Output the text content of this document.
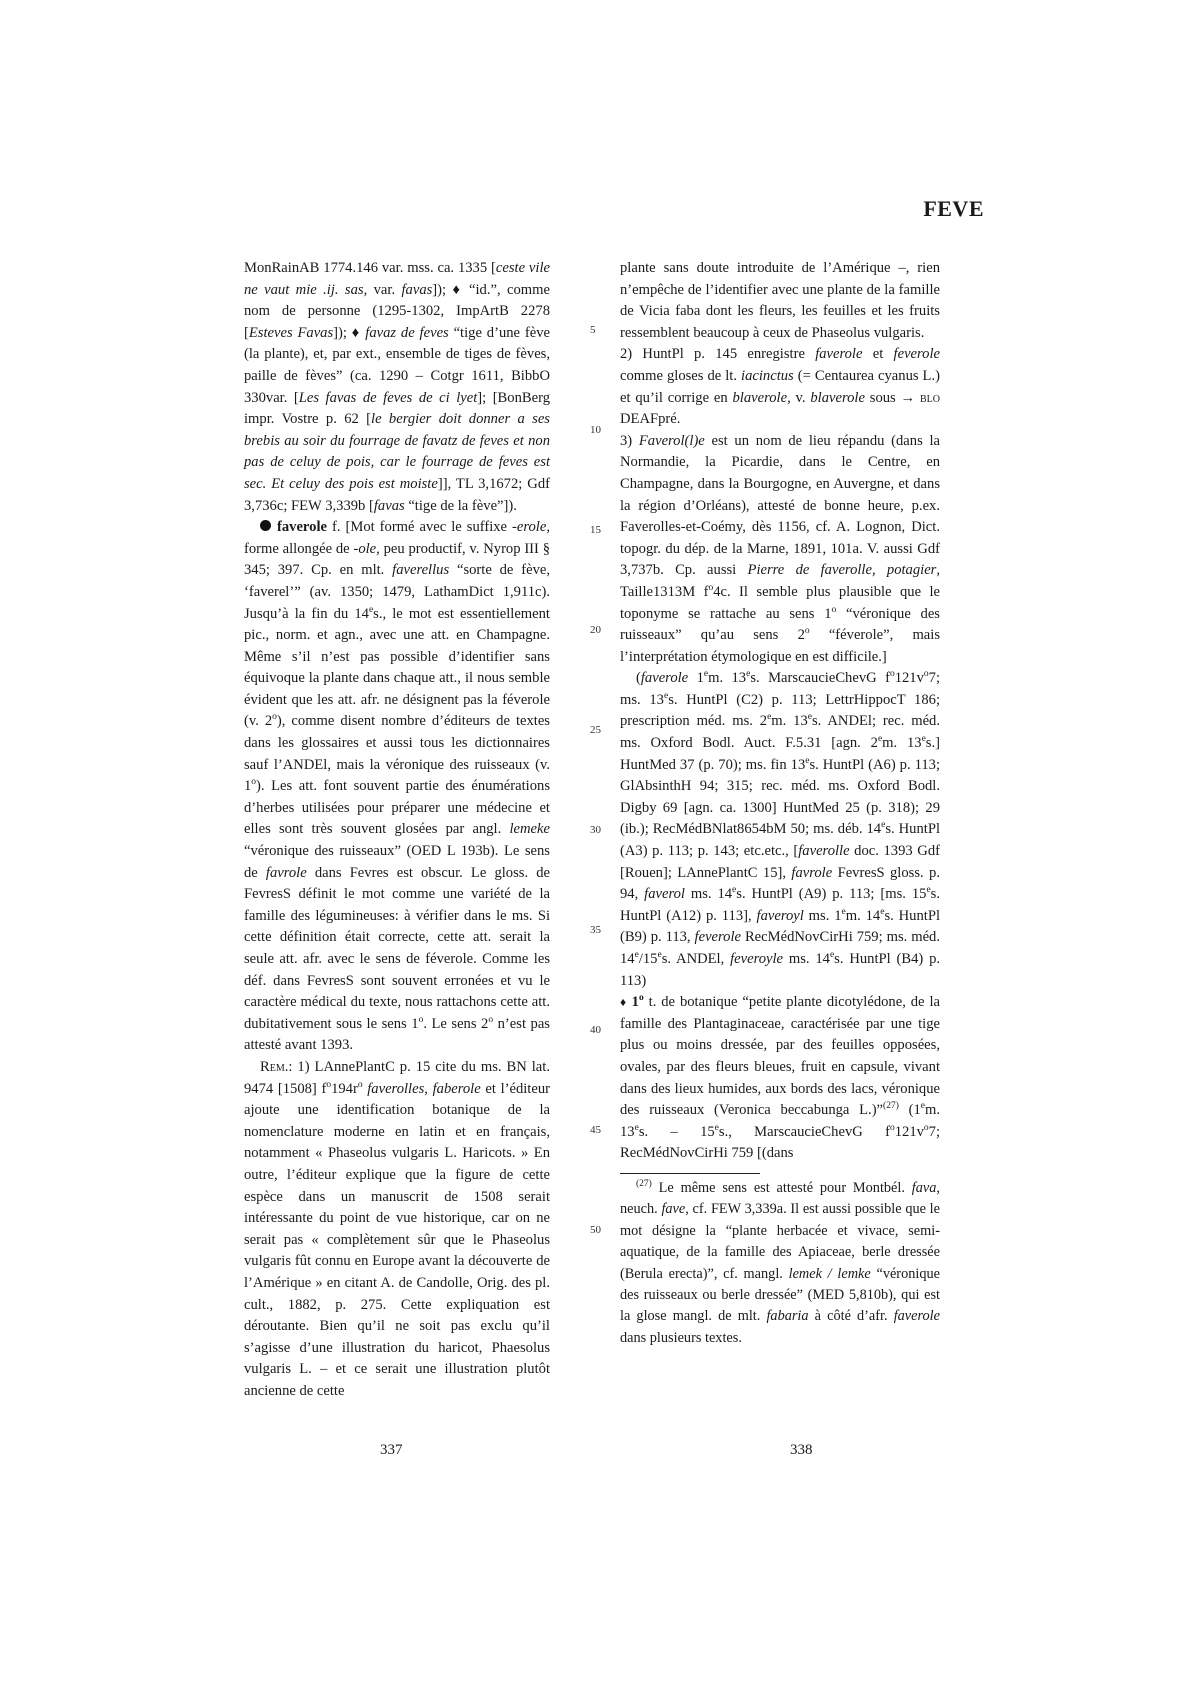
FEVE

MonRainAB 1774.146 var. mss. ca. 1335 [ceste vile ne vaut mie .ij. sas, var. favas]); ♦ “id.”, comme nom de personne (1295-1302, ImpArtB 2278 [Esteves Favas]); ♦ favaz de feves “tige d’une fève (la plante), et, par ext., ensemble de tiges de fèves, paille de fèves” (ca. 1290 – Cotgr 1611, BibbO 330var. [Les favas de feves de ci lyet]; [BonBerg impr. Vostre p. 62 [le bergier doit donner a ses brebis au soir du fourrage de favatz de feves et non pas de celuy de pois, car le fourrage de feves est sec. Et celuy des pois est moiste]], TL 3,1672; Gdf 3,736c; FEW 3,339b [favas “tige de la fève”]).

faverole f. [Mot formé avec le suffixe -erole, forme allongée de -ole, peu productif, v. Nyrop III § 345; 397. Cp. en mlt. faverellus “sorte de fève, ‘faverel’” (av. 1350; 1479, LathamDict 1,911c). Jusqu’à la fin du 14es., le mot est essentiellement pic., norm. et agn., avec une att. en Champagne. Même s’il n’est pas possible d’identifier sans équivoque la plante dans chaque att., il nous semble évident que les att. afr. ne désignent pas la féverole (v. 2$^o$), comme disent nombre d’éditeurs de textes dans les glossaires et aussi tous les dictionnaires sauf l’ANDEl, mais la véronique des ruisseaux (v. 1$^o$). Les att. font souvent partie des énumérations d’herbes utilisées pour préparer une médecine et elles sont très souvent glosées par angl. lemeke “véronique des ruisseaux” (OED L 193b). Le sens de favrole dans Fevres est obscur. Le gloss. de FevresS définit le mot comme une variété de la famille des légumineuses: à vérifier dans le ms. Si cette définition était correcte, cette att. serait la seule att. afr. avec le sens de féverole. Comme les déf. dans FevresS sont souvent erronées et vu le caractère médical du texte, nous rattachons cette att. dubitativement sous le sens 1$^o$. Le sens 2$^o$ n’est pas attesté avant 1393.

Rem.: 1) LAnnePlantC p. 15 cite du ms. BN lat. 9474 [1508] $f^o194r^o$ faverolles, faberole et l’éditeur ajoute une identification botanique de la nomenclature moderne en latin et en français, notamment « Phaseolus vulgaris L. Haricots. » En outre, l’éditeur explique que la figure de cette espèce dans un manuscrit de 1508 serait intéressante du point de vue historique, car on ne serait pas « complètement sûr que le Phaseolus vulgaris fût connu en Europe avant la découverte de l’Amérique » en citant A. de Candolle, Orig. des pl. cult., 1882, p. 275. Cette expliquation est déroutante. Bien qu’il ne soit pas exclu qu’il s’agisse d’une illustration du haricot, Phaesolus vulgaris L. – et ce serait une illustration plutôt ancienne de cette

5
10
15
20
25
30
35
40
45
50

plante sans doute introduite de l’Amérique –, rien n’empêche de l’identifier avec une plante de la famille de Vicia faba dont les fleurs, les feuilles et les fruits ressemblent beaucoup à ceux de Phaseolus vulgaris.

2) HuntPl p. 145 enregistre faverole et feverole comme gloses de lt. iacinctus (= Centaurea cyanus L.) et qu’il corrige en blaverole, v. blaverole sous → blo DEAFpré.

3) Faverol(l)e est un nom de lieu répandu (dans la Normandie, la Picardie, dans le Centre, en Champagne, dans la Bourgogne, en Auvergne, et dans la région d’Orléans), attesté de bonne heure, p.ex. Faverolles-et-Coémy, dès 1156, cf. A. Lognon, Dict. topogr. du dép. de la Marne, 1891, 101a. V. aussi Gdf 3,737b. Cp. aussi Pierre de faverolle, potagier, Taille1313M $f^o4c$. Il semble plus plausible que le toponyme se rattache au sens 1$^o$ “véronique des ruisseaux” qu’au sens 2$^o$ “féverole”, mais l’interprétation étymologique en est difficile.]

(faverole 1em. 13es. MarscaucieChevG $f^o121v^o7$; ms. 13es. HuntPl (C2) p. 113; LettrHippocT 186; prescription méd. ms. 2em. 13es. ANDEl; rec. méd. ms. Oxford Bodl. Auct. F.5.31 [agn. 2em. 13es.] HuntMed 37 (p. 70); ms. fin 13es. HuntPl (A6) p. 113; GlAbsinthH 94; 315; rec. méd. ms. Oxford Bodl. Digby 69 [agn. ca. 1300] HuntMed 25 (p. 318); 29 (ib.); RecMédBNlat8654bM 50; ms. déb. 14es. HuntPl (A3) p. 113; p. 143; etc.etc., [faverolle doc. 1393 Gdf [Rouen]; LAnnePlantC 15], favrole FevresS gloss. p. 94, faverol ms. 14es. HuntPl (A9) p. 113; [ms. 15es. HuntPl (A12) p. 113], faveroyl ms. 1em. 14es. HuntPl (B9) p. 113, feverole RecMédNovCirHi 759; ms. méd. 14e/15es. ANDEl, feveroyle ms. 14es. HuntPl (B4) p. 113)

♦ 1$^o$ t. de botanique “petite plante dicotylédone, de la famille des Plantaginaceae, caractérisée par une tige plus ou moins dressée, par des feuilles opposées, ovales, par des fleurs bleues, fruit en capsule, vivant dans des lieux humides, aux bords des lacs, véronique des ruisseaux (Veronica beccabunga L.)”$^{(27)}$ (1em. 13es. – 15es., MarscaucieChevG $f^o121v^o7$; RecMédNovCirHi 759 [(dans

$^{(27)}$ Le même sens est attesté pour Montbél. fava, neuch. fave, cf. FEW 3,339a. Il est aussi possible que le mot désigne la “plante herbacée et vivace, semi-aquatique, de la famille des Apiaceae, berle dressée (Berula erecta)”, cf. mangl. lemek / lemke “véronique des ruisseaux ou berle dressée” (MED 5,810b), qui est la glose mangl. de mlt. fabaria à côté d’afr. faverole dans plusieurs textes.

337	338
